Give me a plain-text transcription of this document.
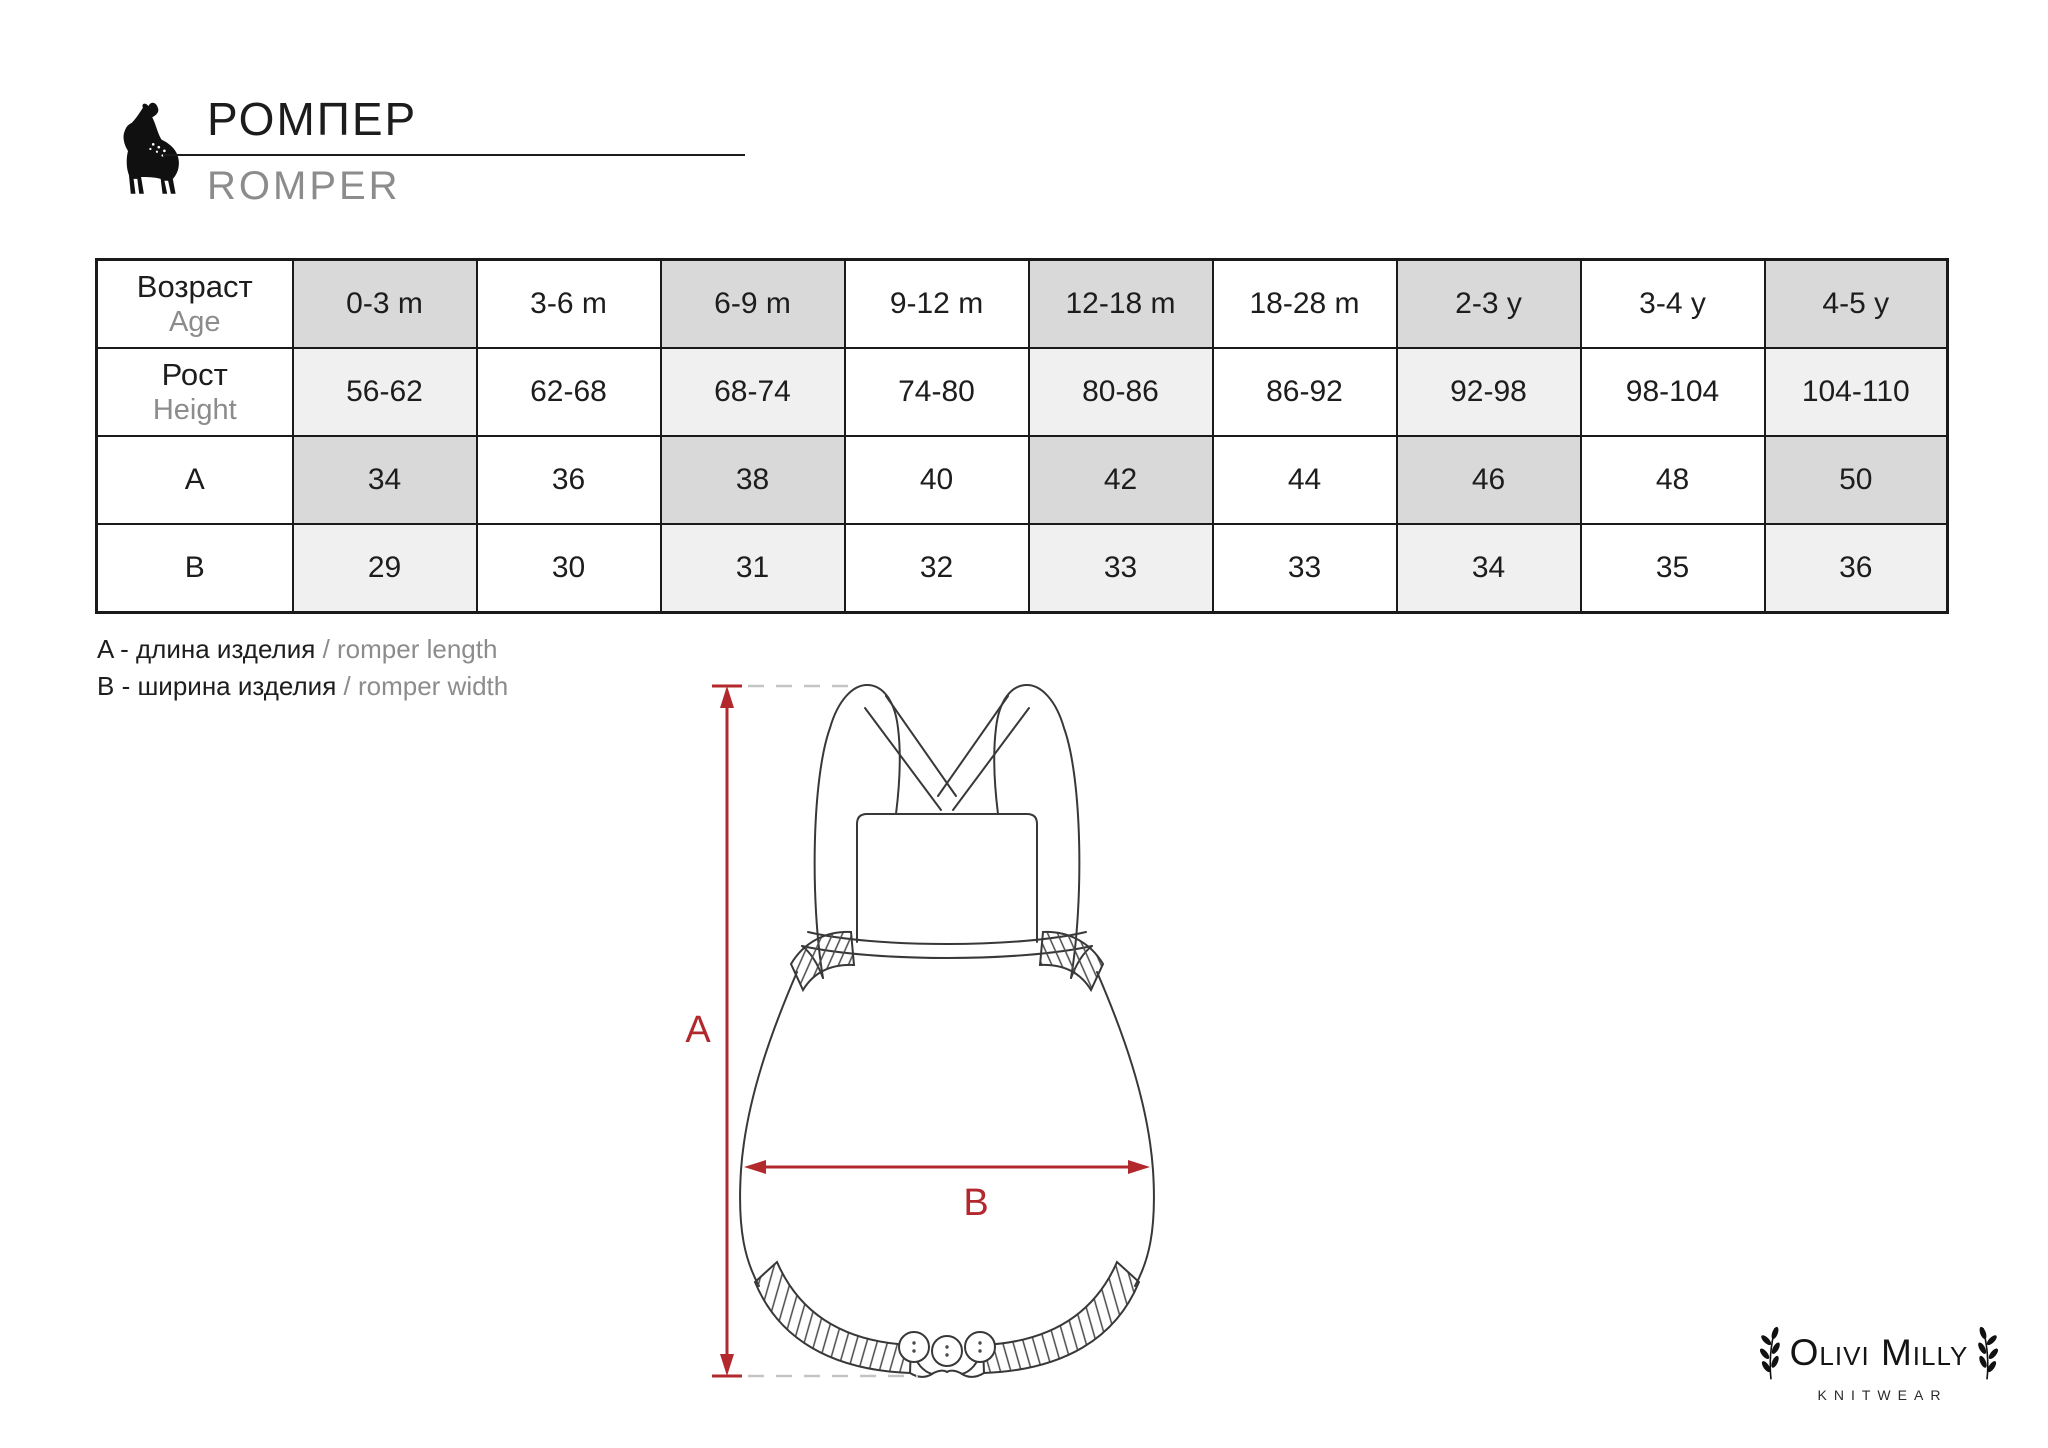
РОМПЕР
ROMPER
Возраст
Age	0-3 m	3-6 m	6-9 m	9-12 m	12-18 m	18-28 m	2-3 y	3-4 y	4-5 y

Рост
Height	56-62	62-68	68-74	74-80	80-86	86-92	92-98	98-104	104-110
A	34	36	38	40	42	44	46	48	50
B	29	30	31	32	33	33	34	35	36
A - длина изделия / romper length
B - ширина изделия / romper width
A
B
Olivi Milly
KNITWEAR
